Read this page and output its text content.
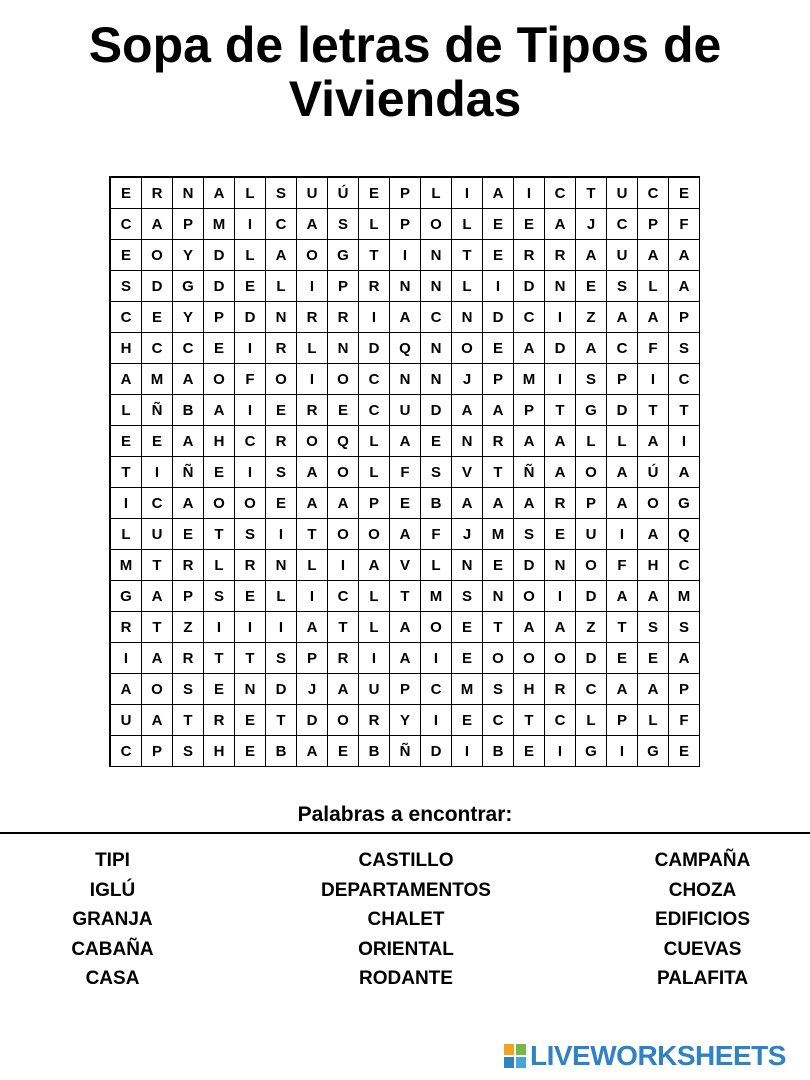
Sopa de letras de Tipos de Viviendas
E	R	N	A	L	S	U	Ú	E	P	L	I	A	I	C	T	U	C	E
C	A	P	M	I	C	A	S	L	P	O	L	E	E	A	J	C	P	F
E	O	Y	D	L	A	O	G	T	I	N	T	E	R	R	A	U	A	A
S	D	G	D	E	L	I	P	R	N	N	L	I	D	N	E	S	L	A
C	E	Y	P	D	N	R	R	I	A	C	N	D	C	I	Z	A	A	P
H	C	C	E	I	R	L	N	D	Q	N	O	E	A	D	A	C	F	S
A	M	A	O	F	O	I	O	C	N	N	J	P	M	I	S	P	I	C
L	Ñ	B	A	I	E	R	E	C	U	D	A	A	P	T	G	D	T	T
E	E	A	H	C	R	O	Q	L	A	E	N	R	A	A	L	L	A	I
T	I	Ñ	E	I	S	A	O	L	F	S	V	T	Ñ	A	O	A	Ú	A
I	C	A	O	O	E	A	A	P	E	B	A	A	A	R	P	A	O	G
L	U	E	T	S	I	T	O	O	A	F	J	M	S	E	U	I	A	Q
M	T	R	L	R	N	L	I	A	V	L	N	E	D	N	O	F	H	C
G	A	P	S	E	L	I	C	L	T	M	S	N	O	I	D	A	A	M
R	T	Z	I	I	I	A	T	L	A	O	E	T	A	A	Z	T	S	S
I	A	R	T	T	S	P	R	I	A	I	E	O	O	O	D	E	E	A
A	O	S	E	N	D	J	A	U	P	C	M	S	H	R	C	A	A	P
U	A	T	R	E	T	D	O	R	Y	I	E	C	T	C	L	P	L	F
C	P	S	H	E	B	A	E	B	Ñ	D	I	B	E	I	G	I	G	E
Palabras a encontrar:
TIPI
IGLÚ
GRANJA
CABAÑA
CASA
CASTILLO
DEPARTAMENTOS
CHALET
ORIENTAL
RODANTE
CAMPAÑA
CHOZA
EDIFICIOS
CUEVAS
PALAFITA
LIVEWORKSHEETS
